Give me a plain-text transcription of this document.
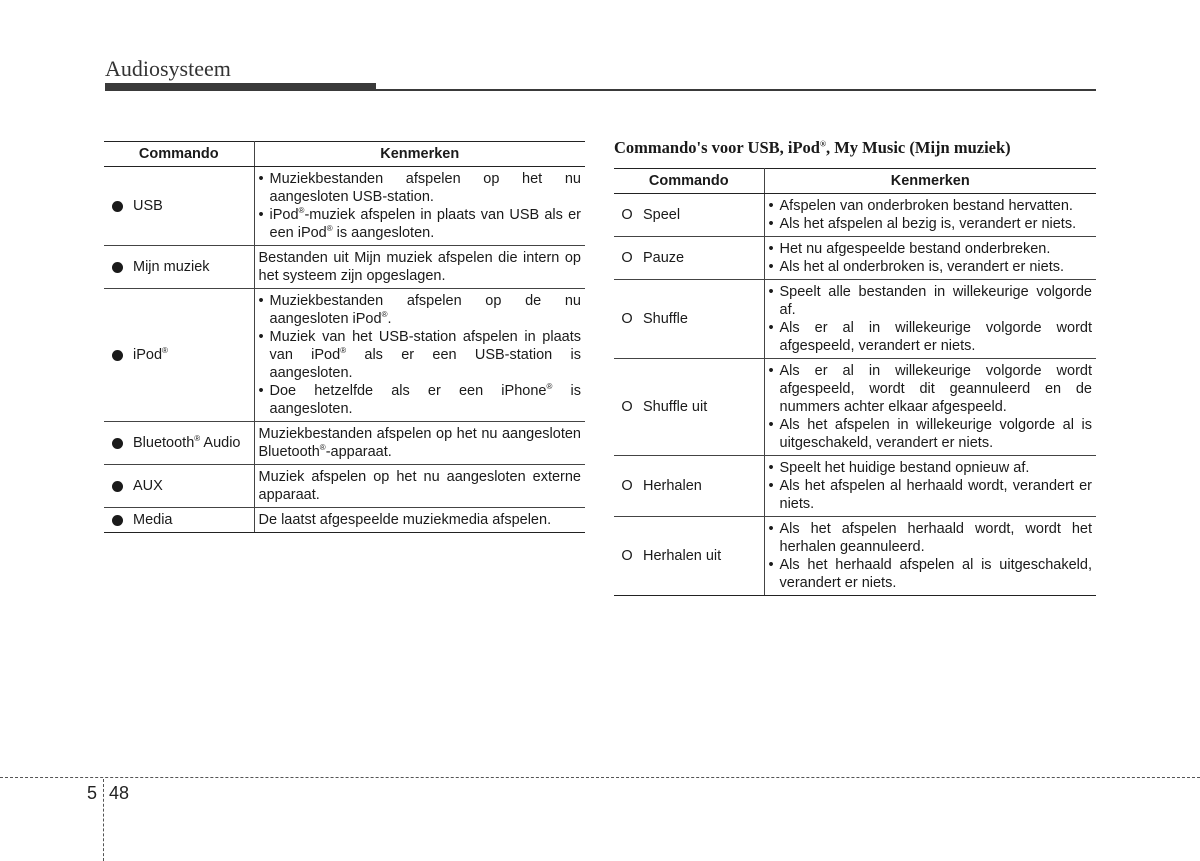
Audiosysteem
Commando		Kenmerken
	USB	• Muziekbestanden afspelen op het nu aangesloten USB-station.
• iPod®-muziek afspelen in plaats van USB als er een iPod® is aangesloten.

	Mijn muziek	Bestanden uit Mijn muziek afspelen die intern op het systeem zijn opgeslagen.
	iPod®	• Muziekbestanden afspelen op de nu aangesloten iPod®.
• Muziek van het USB-station afspelen in plaats van iPod® als er een USB-station is aangesloten.
• Doe hetzelfde als er een iPhone® is aangesloten.

	Bluetooth® Audio	Muziekbestanden afspelen op het nu aangesloten Bluetooth®-apparaat.
	AUX	Muziek afspelen op het nu aangesloten externe apparaat.
	Media	De laatst afgespeelde muziekmedia afspelen.
Commando's voor USB, iPod®, My Music (Mijn muziek)
Commando		Kenmerken
O	Speel	• Afspelen van onderbroken bestand hervatten.
• Als het afspelen al bezig is, verandert er niets.

O	Pauze	• Het nu afgespeelde bestand onderbreken.
• Als het al onderbroken is, verandert er niets.

O	Shuffle	• Speelt alle bestanden in willekeurige volgorde af.
• Als er al in willekeurige volgorde wordt afgespeeld, verandert er niets.

O	Shuffle uit	• Als er al in willekeurige volgorde wordt afgespeeld, wordt dit geannuleerd en de nummers achter elkaar afgespeeld.
• Als het afspelen in willekeurige volgorde al is uitgeschakeld, verandert er niets.

O	Herhalen	• Speelt het huidige bestand opnieuw af.
• Als het afspelen al herhaald wordt, verandert er niets.

O	Herhalen uit	• Als het afspelen herhaald wordt, wordt het herhalen geannuleerd.
• Als het herhaald afspelen al is uitgeschakeld, verandert er niets.
5 48
